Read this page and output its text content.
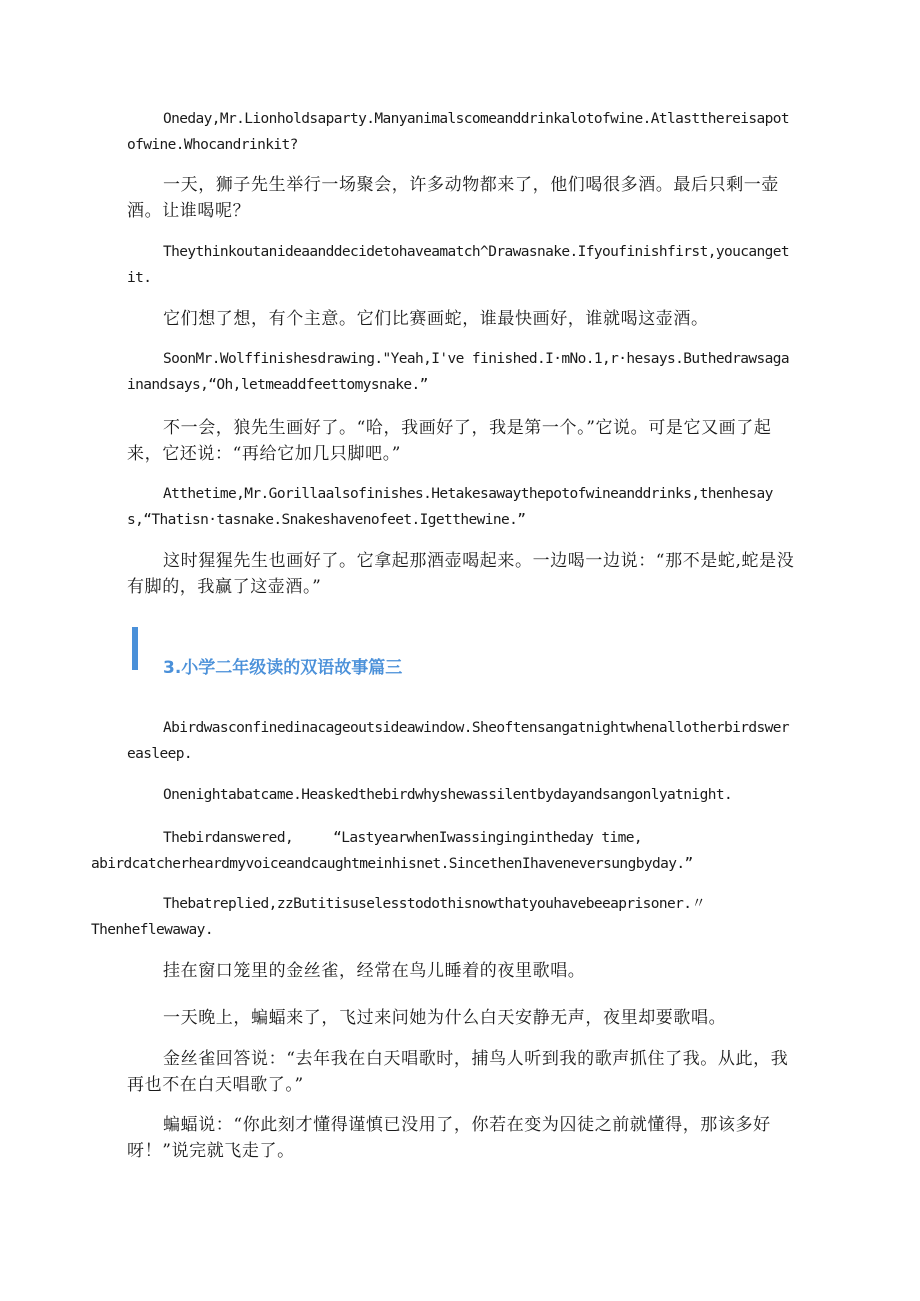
Oneday,Mr.Lionholdsaparty.Manyanimalscomeanddrinkalotofwine.Atlastthereisapotofwine.Whocandrinkit?

一天，狮子先生举行一场聚会，许多动物都来了，他们喝很多酒。最后只剩一壶酒。让谁喝呢？

Theythinkoutanideaanddecidetohaveamatch^Drawasnake.Ifyoufinishfirst,youcangetit.

它们想了想，有个主意。它们比赛画蛇，谁最快画好，谁就喝这壶酒。

SoonMr.Wolffinishesdrawing."Yeah,I've finished.I·mNo.1,r·hesays.Buthedrawsagainandsays,“Oh,letmeaddfeettomysnake.”

不一会，狼先生画好了。“哈，我画好了，我是第一个。”它说。可是它又画了起来，它还说：“再给它加几只脚吧。”

Atthetime,Mr.Gorillaalsofinishes.Hetakesawaythepotofwineanddrinks,thenhesays,“Thatisn·tasnake.Snakeshavenofeet.Igetthewine.”

这时猩猩先生也画好了。它拿起那酒壶喝起来。一边喝一边说：“那不是蛇,蛇是没有脚的，我赢了这壶酒。”

3.小学二年级读的双语故事篇三

Abirdwasconfinedinacageoutsideawindow.Sheoftensangatnightwhenallotherbirdswereasleep.

Onenightabatcame.Heaskedthebirdwhyshewassilentbydayandsangonlyatnight.

Thebirdanswered,	“LastyearwhenIwassingingintheday time,
abirdcatcherheardmyvoiceandcaughtmeinhisnet.SincethenIhaveneversungbyday.”
Thebatreplied,zzButitisuselesstodothisnowthatyouhavebeeaprisoner.〃
Thenheflewaway.

挂在窗口笼里的金丝雀，经常在鸟儿睡着的夜里歌唱。

一天晚上，蝙蝠来了，飞过来问她为什么白天安静无声，夜里却要歌唱。

金丝雀回答说：“去年我在白天唱歌时，捕鸟人听到我的歌声抓住了我。从此，我再也不在白天唱歌了。”

蝙蝠说：“你此刻才懂得谨慎已没用了，你若在变为囚徒之前就懂得，那该多好呀！”说完就飞走了。
